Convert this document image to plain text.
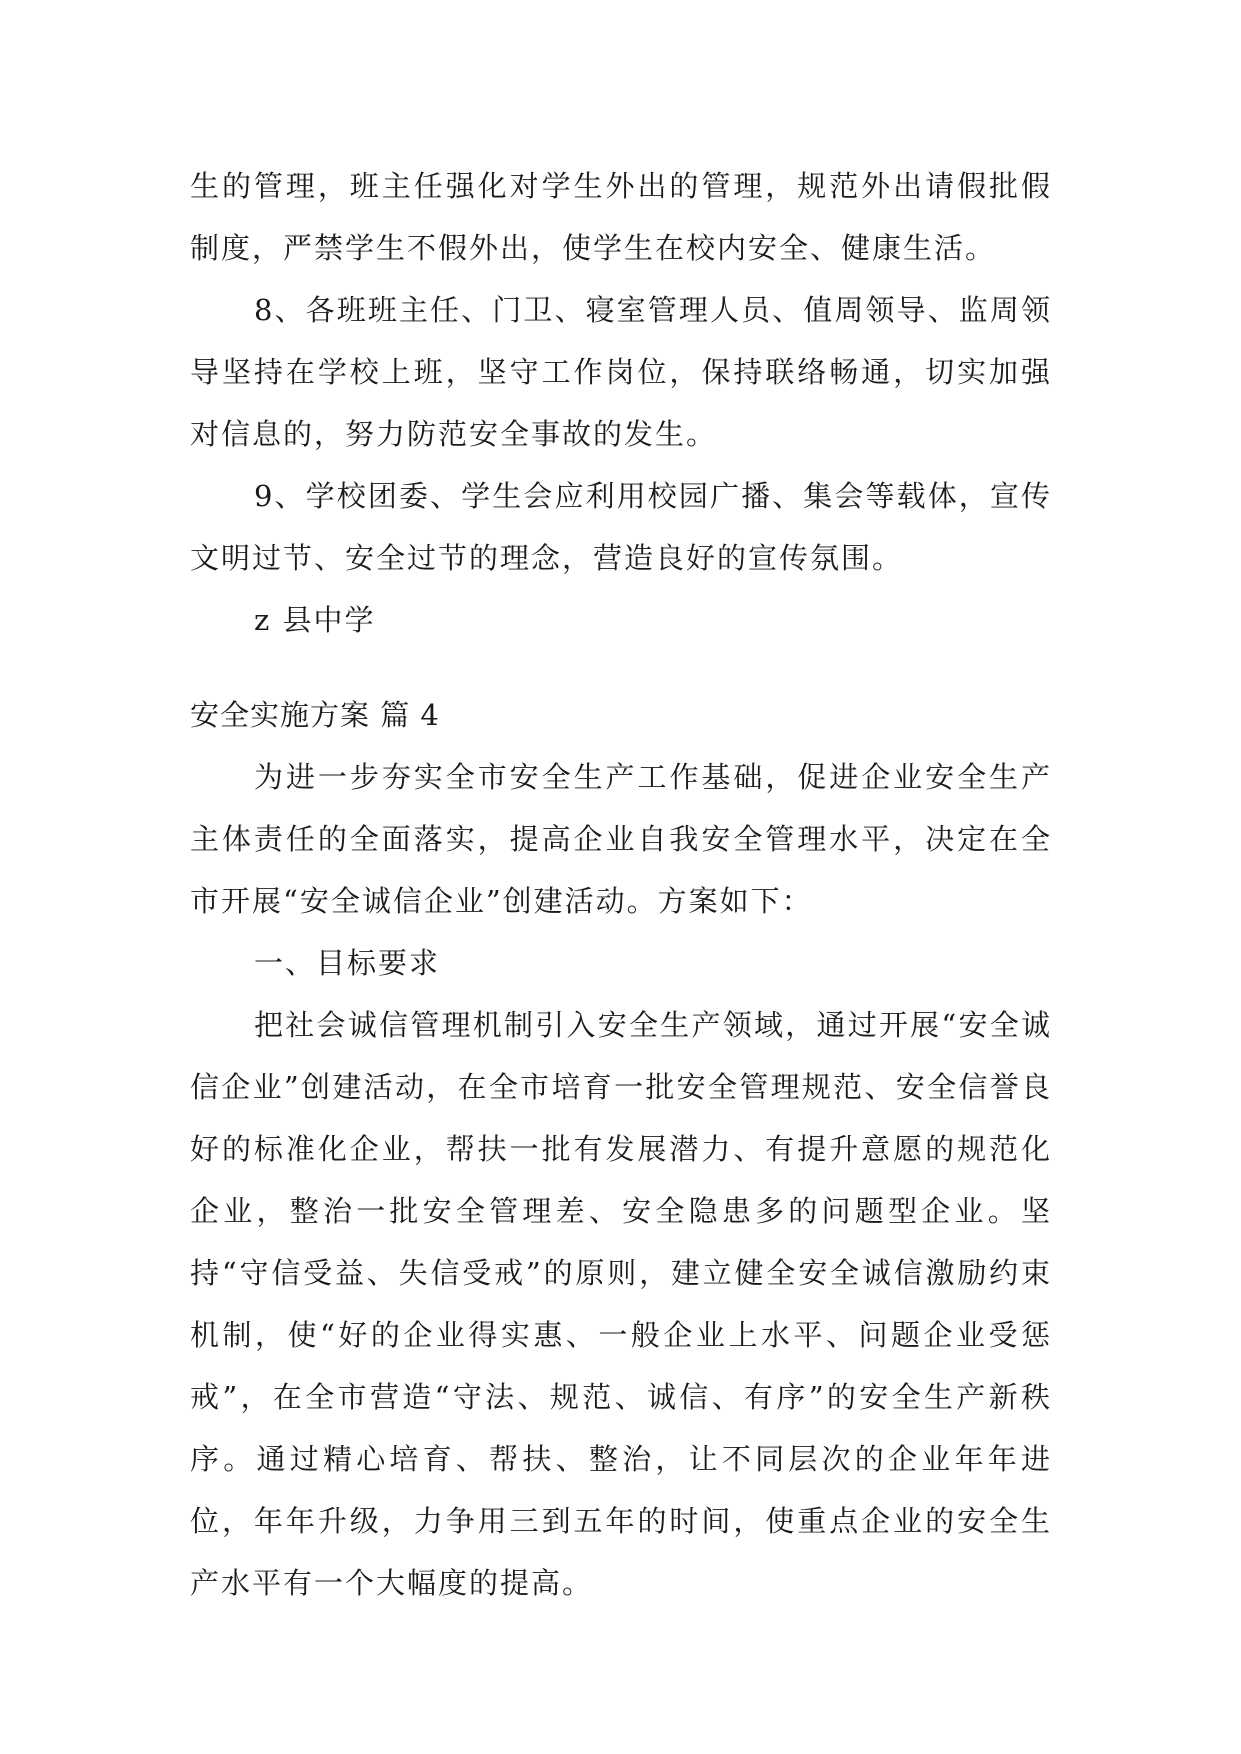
生的管理，班主任强化对学生外出的管理，规范外出请假批假制度，严禁学生不假外出，使学生在校内安全、健康生活。

8、各班班主任、门卫、寝室管理人员、值周领导、监周领导坚持在学校上班，坚守工作岗位，保持联络畅通，切实加强对信息的，努力防范安全事故的发生。

9、学校团委、学生会应利用校园广播、集会等载体，宣传文明过节、安全过节的理念，营造良好的宣传氛围。

z 县中学

安全实施方案 篇 4

为进一步夯实全市安全生产工作基础，促进企业安全生产主体责任的全面落实，提高企业自我安全管理水平，决定在全市开展“安全诚信企业”创建活动。方案如下：

一、目标要求

把社会诚信管理机制引入安全生产领域，通过开展“安全诚信企业”创建活动，在全市培育一批安全管理规范、安全信誉良好的标准化企业，帮扶一批有发展潜力、有提升意愿的规范化企业，整治一批安全管理差、安全隐患多的问题型企业。坚持“守信受益、失信受戒”的原则，建立健全安全诚信激励约束机制，使“好的企业得实惠、一般企业上水平、问题企业受惩戒”，在全市营造“守法、规范、诚信、有序”的安全生产新秩序。通过精心培育、帮扶、整治，让不同层次的企业年年进位，年年升级，力争用三到五年的时间，使重点企业的安全生产水平有一个大幅度的提高。
